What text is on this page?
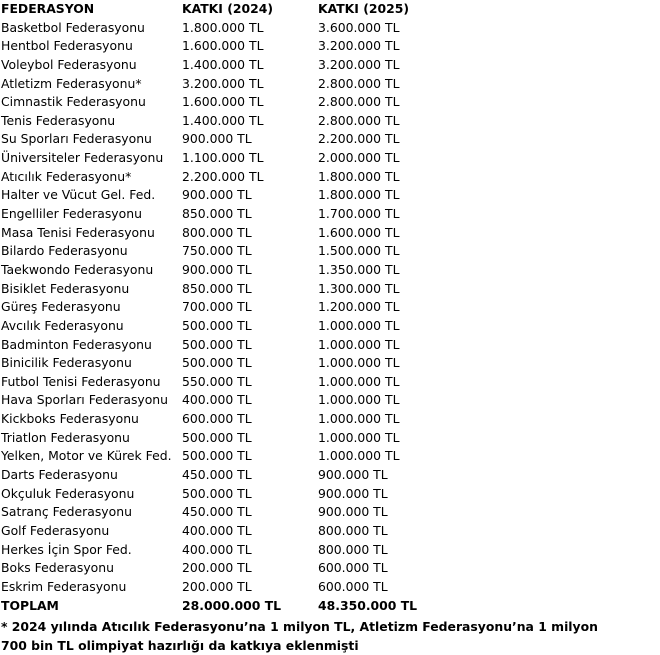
FEDERASYON	KATKI (2024)	KATKI (2025)
Basketbol Federasyonu	1.800.000 TL	3.600.000 TL
Hentbol Federasyonu	1.600.000 TL	3.200.000 TL
Voleybol Federasyonu	1.400.000 TL	3.200.000 TL
Atletizm Federasyonu*	3.200.000 TL	2.800.000 TL
Cimnastik Federasyonu	1.600.000 TL	2.800.000 TL
Tenis Federasyonu	1.400.000 TL	2.800.000 TL
Su Sporları Federasyonu 900.000 TL	2.200.000 TL
Üniversiteler Federasyonu 1.100.000 TL	2.000.000 TL
Atıcılık Federasyonu*	2.200.000 TL	1.800.000 TL
Halter ve Vücut Gel. Fed. 900.000 TL	1.800.000 TL
Engelliler Federasyonu	850.000 TL	1.700.000 TL
Masa Tenisi Federasyonu 800.000 TL	1.600.000 TL
Bilardo Federasyonu	750.000 TL	1.500.000 TL
Taekwondo Federasyonu 900.000 TL	1.350.000 TL
Bisiklet Federasyonu	850.000 TL	1.300.000 TL
Güreş Federasyonu	700.000 TL	1.200.000 TL
Avcılık Federasyonu	500.000 TL	1.000.000 TL
Badminton Federasyonu 500.000 TL	1.000.000 TL
Binicilik Federasyonu	500.000 TL	1.000.000 TL
Futbol Tenisi Federasyonu 550.000 TL	1.000.000 TL
Hava Sporları Federasyonu 400.000 TL	1.000.000 TL
Kickboks Federasyonu	600.000 TL	1.000.000 TL
Triatlon Federasyonu	500.000 TL	1.000.000 TL
Yelken, Motor ve Kürek Fed. 500.000 TL	1.000.000 TL
Darts Federasyonu	450.000 TL	900.000 TL
Okçuluk Federasyonu	500.000 TL	900.000 TL
Satranç Federasyonu	450.000 TL	900.000 TL
Golf Federasyonu	400.000 TL	800.000 TL
Herkes İçin Spor Fed.	400.000 TL	800.000 TL
Boks Federasyonu	200.000 TL	600.000 TL
Eskrim Federasyonu	200.000 TL	600.000 TL
TOPLAM	28.000.000 TL	48.350.000 TL
* 2024 yılında Atıcılık Federasyonu’na 1 milyon TL, Atletizm Federasyonu’na 1 milyon 700 bin TL olimpiyat hazırlığı da katkıya eklenmişti
